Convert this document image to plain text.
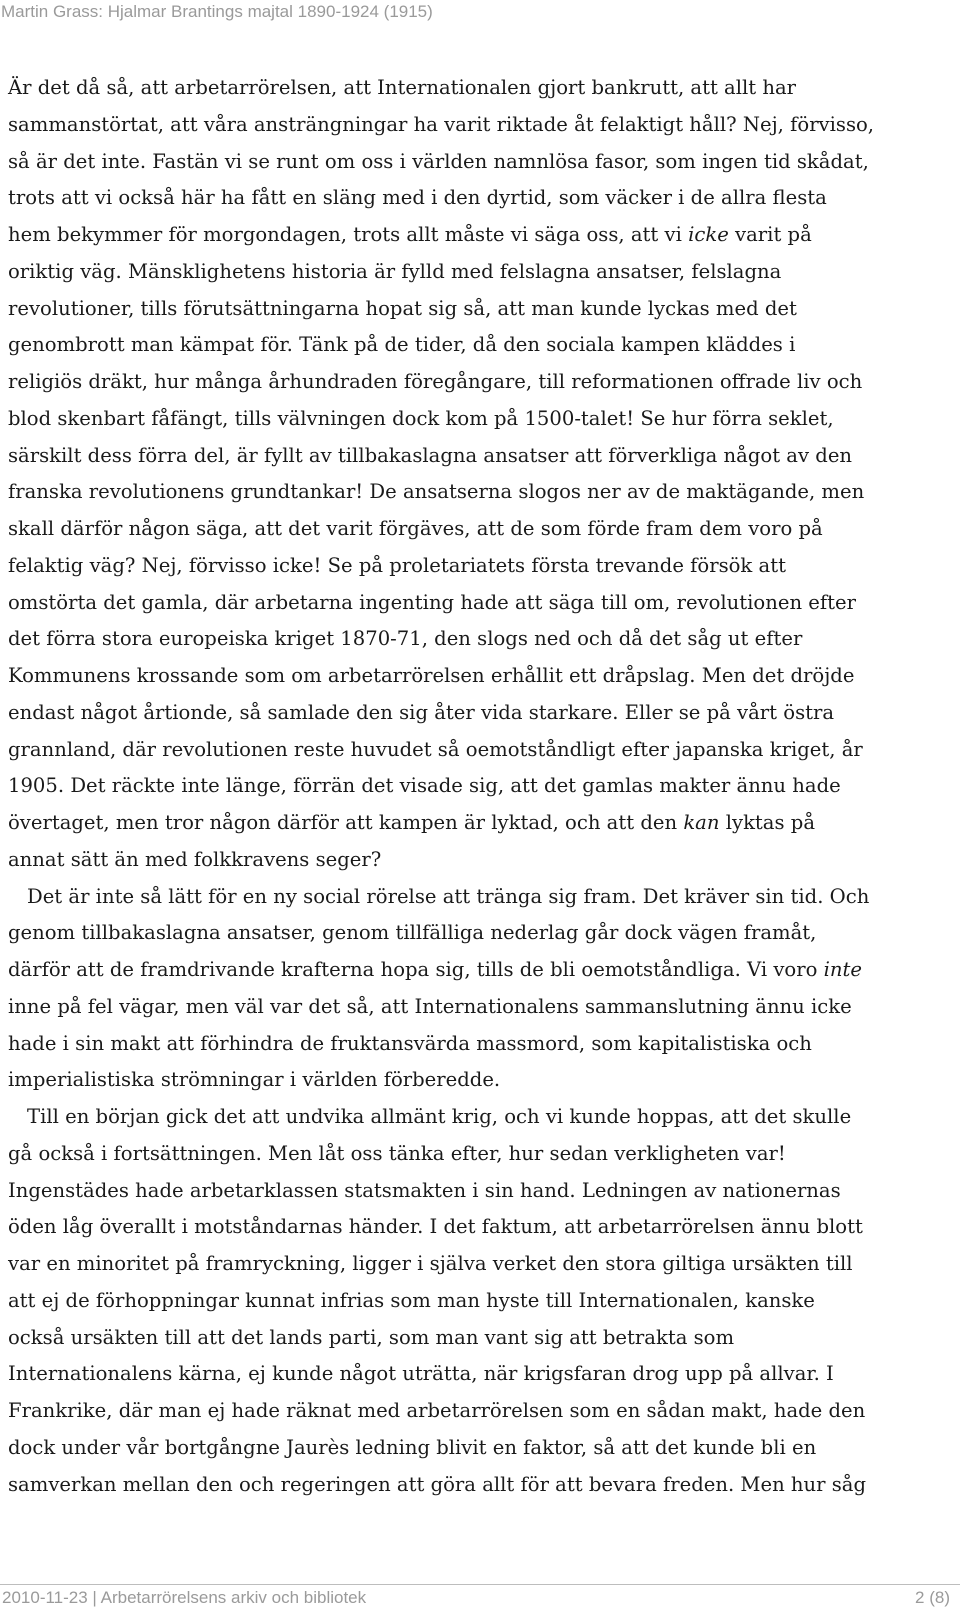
Martin Grass: Hjalmar Brantings majtal 1890-1924 (1915)
Är det då så, att arbetarrörelsen, att Internationalen gjort bankrutt, att allt har
sammanstörtat, att våra ansträngningar ha varit riktade åt felaktigt håll? Nej, förvisso,
så är det inte. Fastän vi se runt om oss i världen namnlösa fasor, som ingen tid skådat,
trots att vi också här ha fått en släng med i den dyrtid, som väcker i de allra flesta
hem bekymmer för morgondagen, trots allt måste vi säga oss, att vi icke varit på
oriktig väg. Mänsklighetens historia är fylld med felslagna ansatser, felslagna
revolutioner, tills förutsättningarna hopat sig så, att man kunde lyckas med det
genombrott man kämpat för. Tänk på de tider, då den sociala kampen kläddes i
religiös dräkt, hur många århundraden föregångare, till reformationen offrade liv och
blod skenbart fåfängt, tills välvningen dock kom på 1500-talet! Se hur förra seklet,
särskilt dess förra del, är fyllt av tillbakaslagna ansatser att förverkliga något av den
franska revolutionens grundtankar! De ansatserna slogos ner av de maktägande, men
skall därför någon säga, att det varit förgäves, att de som förde fram dem voro på
felaktig väg? Nej, förvisso icke! Se på proletariatets första trevande försök att
omstörta det gamla, där arbetarna ingenting hade att säga till om, revolutionen efter
det förra stora europeiska kriget 1870-71, den slogs ned och då det såg ut efter
Kommunens krossande som om arbetarrörelsen erhållit ett dråpslag. Men det dröjde
endast något årtionde, så samlade den sig åter vida starkare. Eller se på vårt östra
grannland, där revolutionen reste huvudet så oemotståndligt efter japanska kriget, år
1905. Det räckte inte länge, förrän det visade sig, att det gamlas makter ännu hade
övertaget, men tror någon därför att kampen är lyktad, och att den kan lyktas på
annat sätt än med folkkravens seger?
Det är inte så lätt för en ny social rörelse att tränga sig fram. Det kräver sin tid. Och
genom tillbakaslagna ansatser, genom tillfälliga nederlag går dock vägen framåt,
därför att de framdrivande krafterna hopa sig, tills de bli oemotståndliga. Vi voro inte
inne på fel vägar, men väl var det så, att Internationalens sammanslutning ännu icke
hade i sin makt att förhindra de fruktansvärda massmord, som kapitalistiska och
imperialistiska strömningar i världen förberedde.
Till en början gick det att undvika allmänt krig, och vi kunde hoppas, att det skulle
gå också i fortsättningen. Men låt oss tänka efter, hur sedan verkligheten var!
Ingenstädes hade arbetarklassen statsmakten i sin hand. Ledningen av nationernas
öden låg överallt i motståndarnas händer. I det faktum, att arbetarrörelsen ännu blott
var en minoritet på framryckning, ligger i själva verket den stora giltiga ursäkten till
att ej de förhoppningar kunnat infrias som man hyste till Internationalen, kanske
också ursäkten till att det lands parti, som man vant sig att betrakta som
Internationalens kärna, ej kunde något uträtta, när krigsfaran drog upp på allvar. I
Frankrike, där man ej hade räknat med arbetarrörelsen som en sådan makt, hade den
dock under vår bortgångne Jaurès ledning blivit en faktor, så att det kunde bli en
samverkan mellan den och regeringen att göra allt för att bevara freden. Men hur såg
2010-11-23 | Arbetarrörelsens arkiv och bibliotek	2 (8)
